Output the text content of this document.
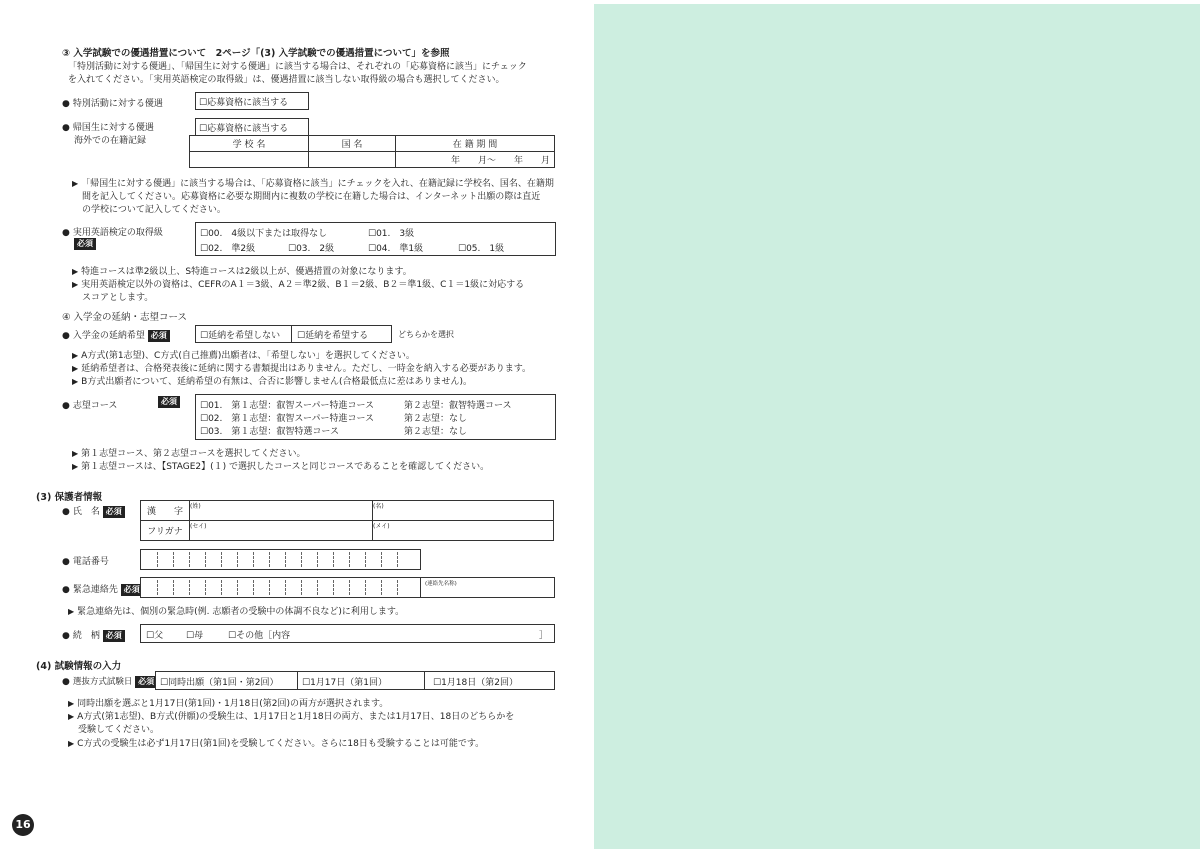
③ 入学試験での優遇措置について　2ページ「(3) 入学試験での優遇措置について」を参照
「特別活動に対する優遇」、「帰国生に対する優遇」に該当する場合は、それぞれの「応募資格に該当」にチェック
を入れてください。「実用英語検定の取得級」は、優遇措置に該当しない取得級の場合も選択してください。
● 特別活動に対する優遇	☐ 応募資格に該当する
● 帰国生に対する優遇
海外での在籍記録
☐ 応募資格に該当する
学 校 名	国 名	在 籍 期 間
		年　　月～　　年　　月
▶ 「帰国生に対する優遇」に該当する場合は、「応募資格に該当」にチェックを入れ、在籍記録に学校名、国名、在籍期
間を記入してください。応募資格に必要な期間内に複数の学校に在籍した場合は、インターネット出願の際は直近
の学校について記入してください。
● 実用英語検定の取得級
必須
☐ 00.　4級以下または取得なし	☐ 01.　3級
☐ 02.　準2級	☐ 03.　2級	☐ 04.　準1級	☐ 05.　1級
▶ 特進コースは準2級以上、S特進コースは2級以上が、優遇措置の対象になります。
▶ 実用英語検定以外の資格は、CEFRのA１＝3級、A２＝準2級、B１＝2級、B２＝準1級、C１＝1級に対応する
スコアとします。
④ 入学金の延納・志望コース
● 入学金の延納希望 必須	☐ 延納を希望しない	☐ 延納を希望する	どちらかを選択
▶ A方式(第1志望)、C方式(自己推薦)出願者は、「希望しない」を選択してください。
▶ 延納希望者は、合格発表後に延納に関する書類提出はありません。ただし、一時金を納入する必要があります。
▶ B方式出願者について、延納希望の有無は、合否に影響しません(合格最低点に差はありません)。
● 志望コース	必須	☐ 01.　第１志望：叡智スーパー特進コース	第２志望：叡智特選コース
☐ 02.　第１志望：叡智スーパー特進コース	第２志望：なし
☐ 03.　第１志望：叡智特選コース	第２志望：なし
▶ 第１志望コース、第２志望コースを選択してください。
▶ 第１志望コースは、【STAGE2】(１) で選択したコースと同じコースであることを確認してください。
(3) 保護者情報
● 氏　名 必須	漢　　字	(姓)	(名)
フリガナ	(セイ)	(メイ)
● 電話番号
● 緊急連絡先 必須
(連絡先名称)
▶ 緊急連絡先は、個別の緊急時(例. 志願者の受験中の体調不良など)に利用します。
● 続　柄 必須	☐ 父	☐ 母	☐ その他［内容	］
(4) 試験情報の入力
● 選抜方式試験日 必須	☐ 同時出願（第1回・第2回）	☐ 1月17日（第1回）	☐ 1月18日（第2回）
▶ 同時出願を選ぶと1月17日(第1回)・1月18日(第2回)の両方が選択されます。
▶ A方式(第1志望)、B方式(併願)の受験生は、1月17日と1月18日の両方、または1月17日、18日のどちらかを
受験してください。
▶ C方式の受験生は必ず1月17日(第1回)を受験してください。さらに18日も受験することは可能です。
16
